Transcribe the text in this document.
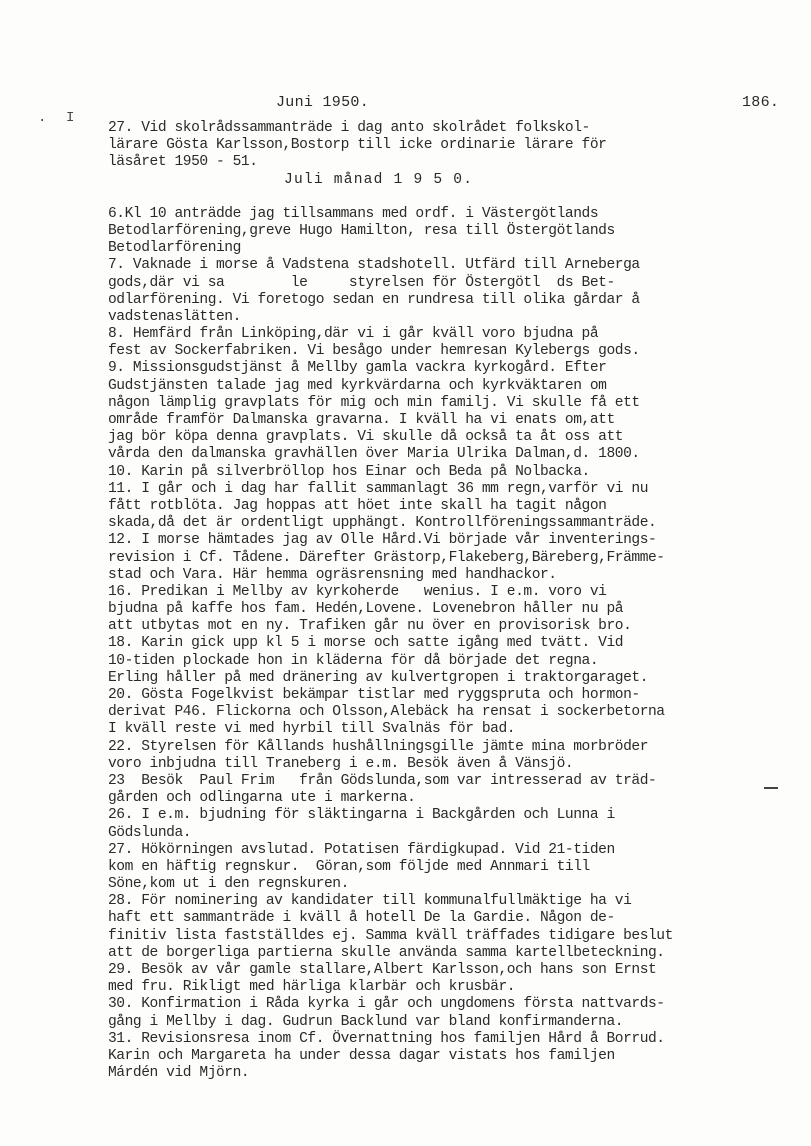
. I
Juni 1950.	186.
27. Vid skolrådssammanträde i dag anto skolrådet folkskol-
lärare Gösta Karlsson,Bostorp till icke ordinarie lärare för
läsåret 1950 - 51.
Juli månad 1 9 5 0.
6.Kl 10 anträdde jag tillsammans med ordf. i Västergötlands
Betodlarförening,greve Hugo Hamilton, resa till Östergötlands
Betodlarförening
7. Vaknade i morse å Vadstena stadshotell. Utfärd till Arneberga
gods,där vi sa        le     styrelsen för Östergötl  ds Bet-
odlarförening. Vi foretogo sedan en rundresa till olika gårdar å
vadstenaslätten.
8. Hemfärd från Linköping,där vi i går kväll voro bjudna på
fest av Sockerfabriken. Vi besågo under hemresan Kylebergs gods.
9. Missionsgudstjänst å Mellby gamla vackra kyrkogård. Efter
Gudstjänsten talade jag med kyrkvärdarna och kyrkväktaren om
någon lämplig gravplats för mig och min familj. Vi skulle få ett
område framför Dalmanska gravarna. I kväll ha vi enats om,att
jag bör köpa denna gravplats. Vi skulle då också ta åt oss att
vårda den dalmanska gravhällen över Maria Ulrika Dalman,d. 1800.
10. Karin på silverbröllop hos Einar och Beda på Nolbacka.
11. I går och i dag har fallit sammanlagt 36 mm regn,varför vi nu
fått rotblöta. Jag hoppas att höet inte skall ha tagit någon
skada,då det är ordentligt upphängt. Kontrollföreningssammanträde.
12. I morse hämtades jag av Olle Hård.Vi började vår inventerings-
revision i Cf. Tådene. Därefter Grästorp,Flakeberg,Bäreberg,Främme-
stad och Vara. Här hemma ogräsrensning med handhackor.
16. Predikan i Mellby av kyrkoherde   wenius. I e.m. voro vi
bjudna på kaffe hos fam. Hedén,Lovene. Lovenebron håller nu på
att utbytas mot en ny. Trafiken går nu över en provisorisk bro.
18. Karin gick upp kl 5 i morse och satte igång med tvätt. Vid
10-tiden plockade hon in kläderna för då började det regna.
Erling håller på med dränering av kulvertgropen i traktorgaraget.
20. Gösta Fogelkvist bekämpar tistlar med ryggspruta och hormon-
derivat P46. Flickorna och Olsson,Alebäck ha rensat i sockerbetorna
I kväll reste vi med hyrbil till Svalnäs för bad.
22. Styrelsen för Kållands hushållningsgille jämte mina morbröder
voro inbjudna till Traneberg i e.m. Besök även å Vänsjö.
23  Besök  Paul Frim   från Gödslunda,som var intresserad av träd-
gården och odlingarna ute i markerna.
26. I e.m. bjudning för släktingarna i Backgården och Lunna i
Gödslunda.
27. Hökörningen avslutad. Potatisen färdigkupad. Vid 21-tiden
kom en häftig regnskur.  Göran,som följde med Annmari till
Söne,kom ut i den regnskuren.
28. För nominering av kandidater till kommunalfullmäktige ha vi
haft ett sammanträde i kväll å hotell De la Gardie. Någon de-
finitiv lista fastställdes ej. Samma kväll träffades tidigare beslut
att de borgerliga partierna skulle använda samma kartellbeteckning.
29. Besök av vår gamle stallare,Albert Karlsson,och hans son Ernst
med fru. Rikligt med härliga klarbär och krusbär.
30. Konfirmation i Råda kyrka i går och ungdomens första nattvards-
gång i Mellby i dag. Gudrun Backlund var bland konfirmanderna.
31. Revisionsresa inom Cf. Övernattning hos familjen Hård å Borrud.
Karin och Margareta ha under dessa dagar vistats hos familjen
Márdén vid Mjörn.
